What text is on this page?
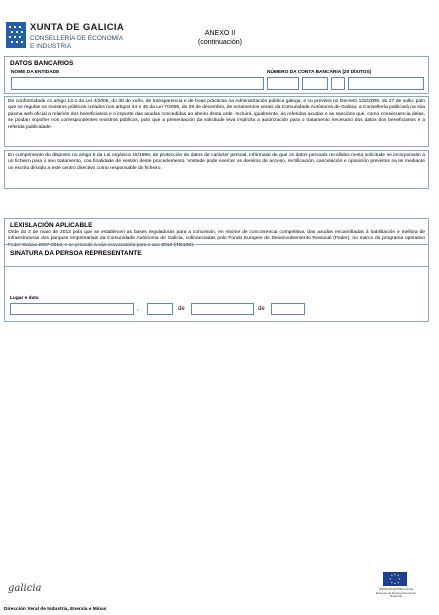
XUNTA DE GALICIA
CONSELLERÍA DE ECONOMÍA
E INDUSTRIA
ANEXO II
(continuación)
DATOS BANCARIOS
NOME DA ENTIDADE	NÚMERO DA CONTA BANCARIA (20 DÍXITOS)
De conformidade co artigo 13.4 da Lei 4/2006, do 30 de xuño, de transparencia e de boas prácticas na Administración pública galega, e co previsto no Decreto 132/2006, do 27 de xullo, polo que se regulan os rexistros públicos creados nos artigos 44 e 45 da Lei 7/2005, do 29 de decembro, de orzamentos xerais da Comunidade Autónoma de Galicia, a Consellería publicará na súa páxina web oficial a relación dos beneficiarios e o importe das axudas concedidas ao abeiro desta orde. Incluirá, igualmente, as referidas axudas e as sancións que, como consecuencia delas, se poidan impoñer nos correspondentes rexistros públicos, polo que a presentación da solicitude leva implícita a autorización para o tratamento necesario dos datos dos beneficiarios e a referida publicidade.
En cumprimento do disposto no artigo 5 da Lei orgánica 15/1999, de protección de datos de carácter persoal, infórmase de que os datos persoais recollidos nesta solicitude se incorporarán a un ficheiro para o seu tratamento, coa finalidade de xestión deste procedemento. Vostede pode exercer os dereitos de acceso, rectificación, cancelación e oposición previstos na lei mediante un escrito dirixido a este centro directivo como responsable do ficheiro.
LEXISLACIÓN APLICABLE
Orde do 2 de maio de 2013 pola que se establecen as bases reguladoras para a concesión, en réxime de concorrencia competitiva, das axudas encamiñadas á habilitación e mellora de infraestruturas dos parques empresariais da Comunidade Autónoma de Galicia, cofinanciadas polo Fondo Europeo de Desenvolvemento Rexional (Feder), no marco do programa operativo Feder Galicia 2007-2013, e se procede á súa convocatoria para o ano 2013 (IN519B).
SINATURA DA PERSOA REPRESENTANTE
Lugar e data
,	de	de
galicia	UNIÓN EUROPEA Fondo Europeo de Desenvolvemento Rexional
Dirección Xeral de Industria, Enerxía e Minas
